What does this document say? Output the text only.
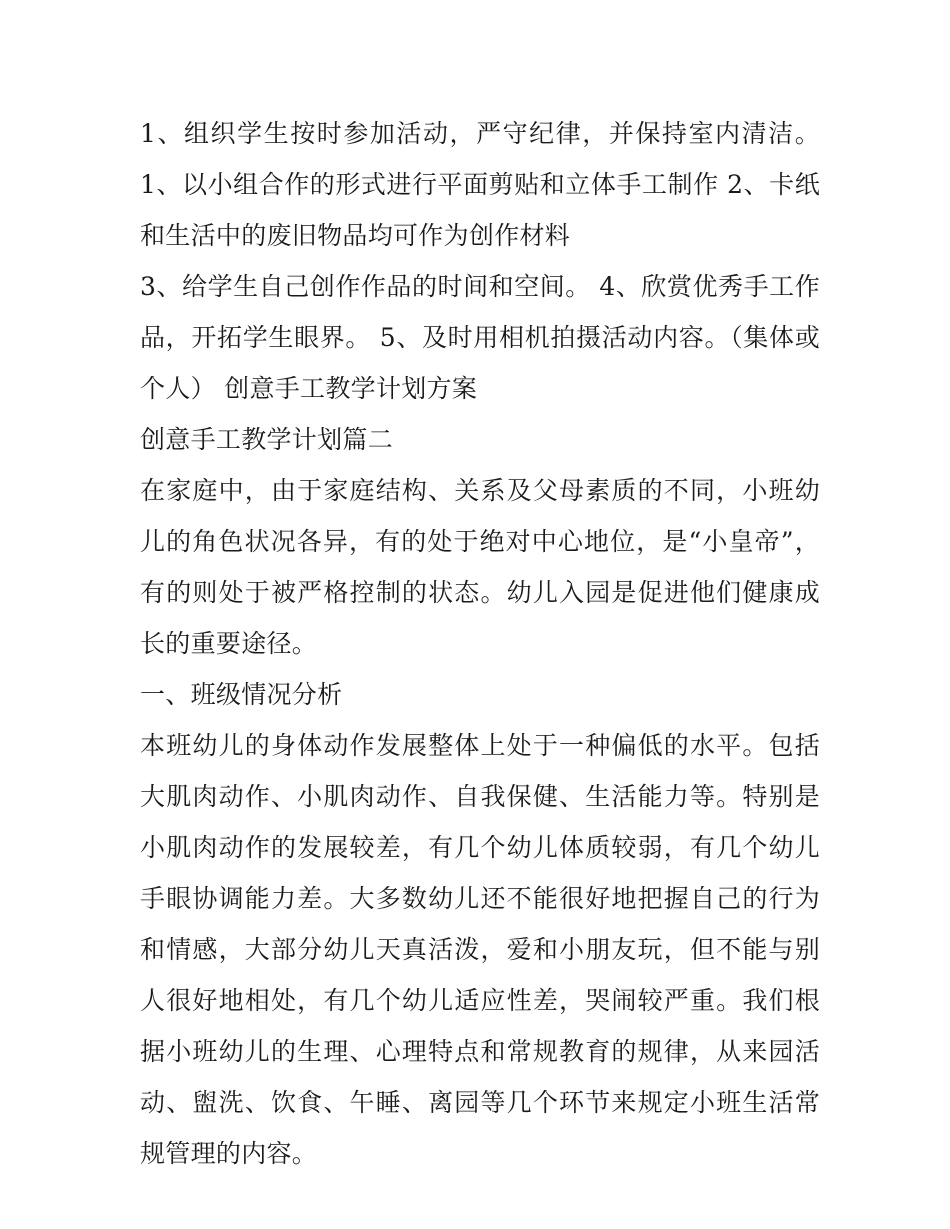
1、组织学生按时参加活动，严守纪律，并保持室内清洁。 1、以小组合作的形式进行平面剪贴和立体手工制作 2、卡纸和生活中的废旧物品均可作为创作材料

3、给学生自己创作作品的时间和空间。 4、欣赏优秀手工作品，开拓学生眼界。 5、及时用相机拍摄活动内容。（集体或个人） 创意手工教学计划方案

创意手工教学计划篇二

在家庭中，由于家庭结构、关系及父母素质的不同，小班幼儿的角色状况各异，有的处于绝对中心地位，是“小皇帝”，有的则处于被严格控制的状态。幼儿入园是促进他们健康成长的重要途径。

一、班级情况分析

本班幼儿的身体动作发展整体上处于一种偏低的水平。包括大肌肉动作、小肌肉动作、自我保健、生活能力等。特别是小肌肉动作的发展较差，有几个幼儿体质较弱，有几个幼儿手眼协调能力差。大多数幼儿还不能很好地把握自己的行为和情感，大部分幼儿天真活泼，爱和小朋友玩，但不能与别人很好地相处，有几个幼儿适应性差，哭闹较严重。我们根据小班幼儿的生理、心理特点和常规教育的规律，从来园活动、盥洗、饮食、午睡、离园等几个环节来规定小班生活常规管理的内容。
